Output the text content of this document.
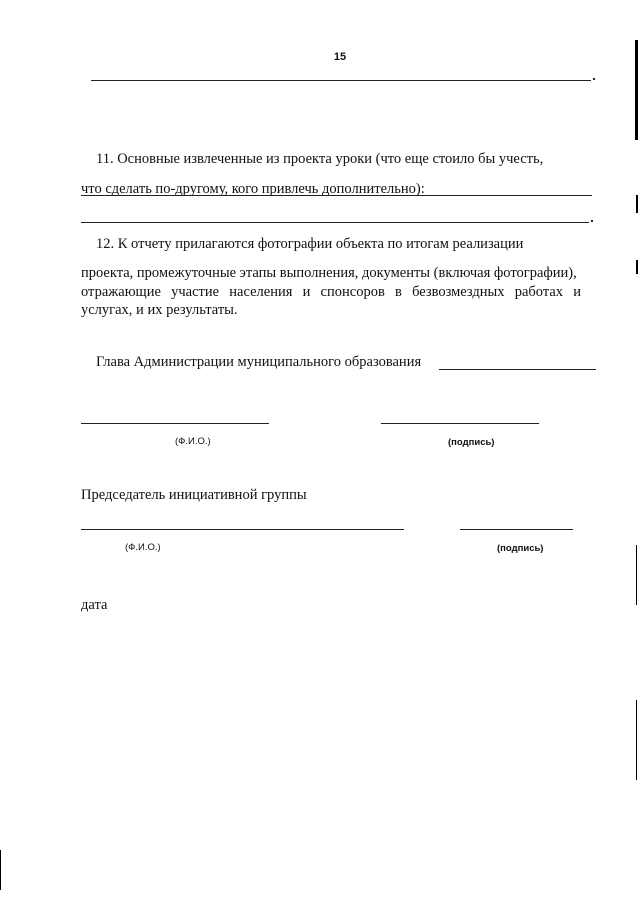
15
11. Основные извлеченные из проекта уроки (что еще стоило бы учесть,
что сделать по-другому, кого привлечь дополнительно):
12. К отчету прилагаются фотографии объекта по итогам реализации
проекта, промежуточные этапы выполнения, документы (включая фотографии),
отражающие участие населения и спонсоров в безвозмездных работах и
услугах, и их результаты.
Глава Администрации муниципального образования
(Ф.И.О.)	(подпись)
Председатель инициативной группы
(Ф.И.О.)	(подпись)
дата
